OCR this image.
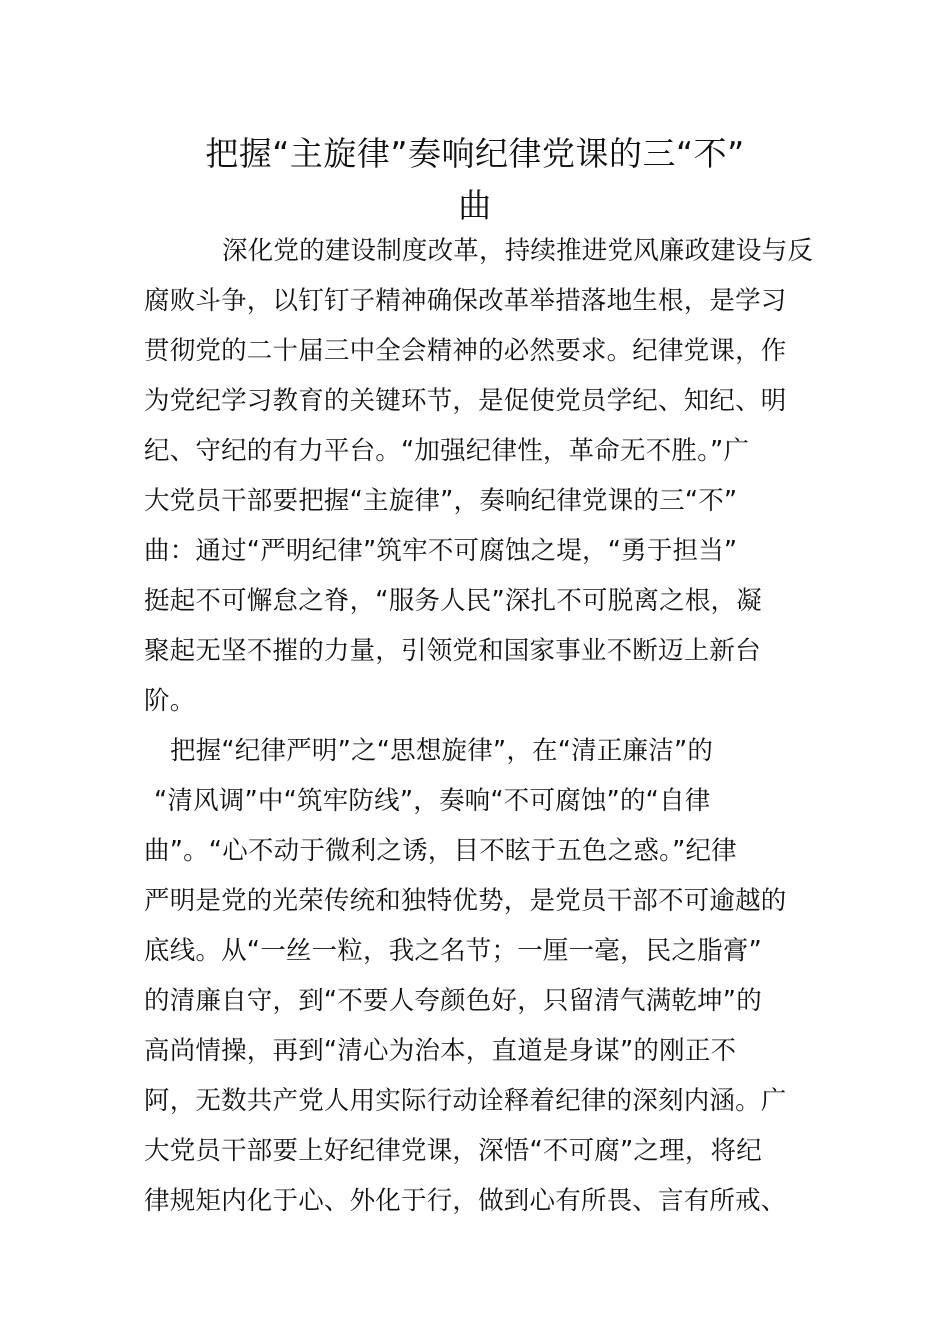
把握“主旋律”奏响纪律党课的三“不”
曲
深化党的建设制度改革，持续推进党风廉政建设与反
腐败斗争，以钉钉子精神确保改革举措落地生根，是学习
贯彻党的二十届三中全会精神的必然要求。纪律党课，作
为党纪学习教育的关键环节，是促使党员学纪、知纪、明
纪、守纪的有力平台。“加强纪律性，革命无不胜。”广
大党员干部要把握“主旋律”，奏响纪律党课的三“不”
曲：通过“严明纪律”筑牢不可腐蚀之堤，“勇于担当”
挺起不可懈怠之脊，“服务人民”深扎不可脱离之根，凝
聚起无坚不摧的力量，引领党和国家事业不断迈上新台
阶。
把握“纪律严明”之“思想旋律”，在“清正廉洁”的
“清风调”中“筑牢防线”，奏响“不可腐蚀”的“自律
曲”。“心不动于微利之诱，目不眩于五色之惑。”纪律
严明是党的光荣传统和独特优势，是党员干部不可逾越的
底线。从“一丝一粒，我之名节；一厘一毫，民之脂膏”
的清廉自守，到“不要人夸颜色好，只留清气满乾坤”的
高尚情操，再到“清心为治本，直道是身谋”的刚正不
阿，无数共产党人用实际行动诠释着纪律的深刻内涵。广
大党员干部要上好纪律党课，深悟“不可腐”之理，将纪
律规矩内化于心、外化于行，做到心有所畏、言有所戒、
